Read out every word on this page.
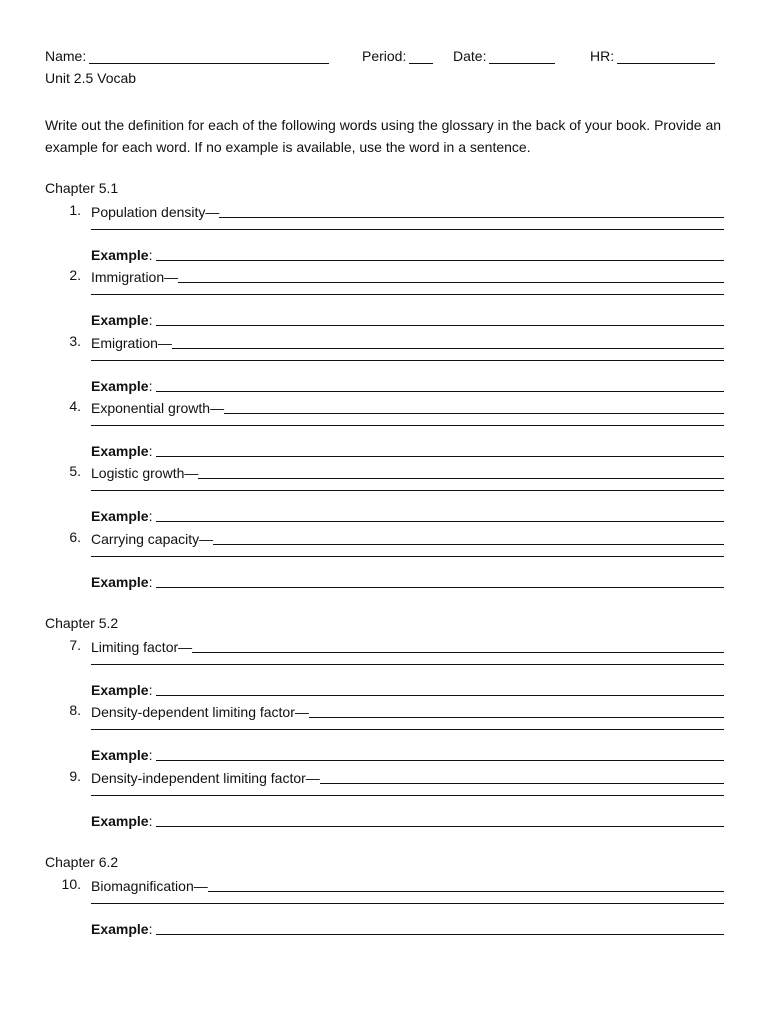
Name:	Period:	Date:	HR:
Unit 2.5 Vocab
Write out the definition for each of the following words using the glossary in the back of your book. Provide an example for each word. If no example is available, use the word in a sentence.
Chapter 5.1
1. Population density—
Example :
2. Immigration—
Example :
3. Emigration—
Example :
4. Exponential growth—
Example :
5. Logistic growth—
Example :
6. Carrying capacity—
Example :
Chapter 5.2
7. Limiting factor—
Example :
8. Density-dependent limiting factor—
Example :
9. Density-independent limiting factor—
Example :
Chapter 6.2
10. Biomagnification—
Example :
